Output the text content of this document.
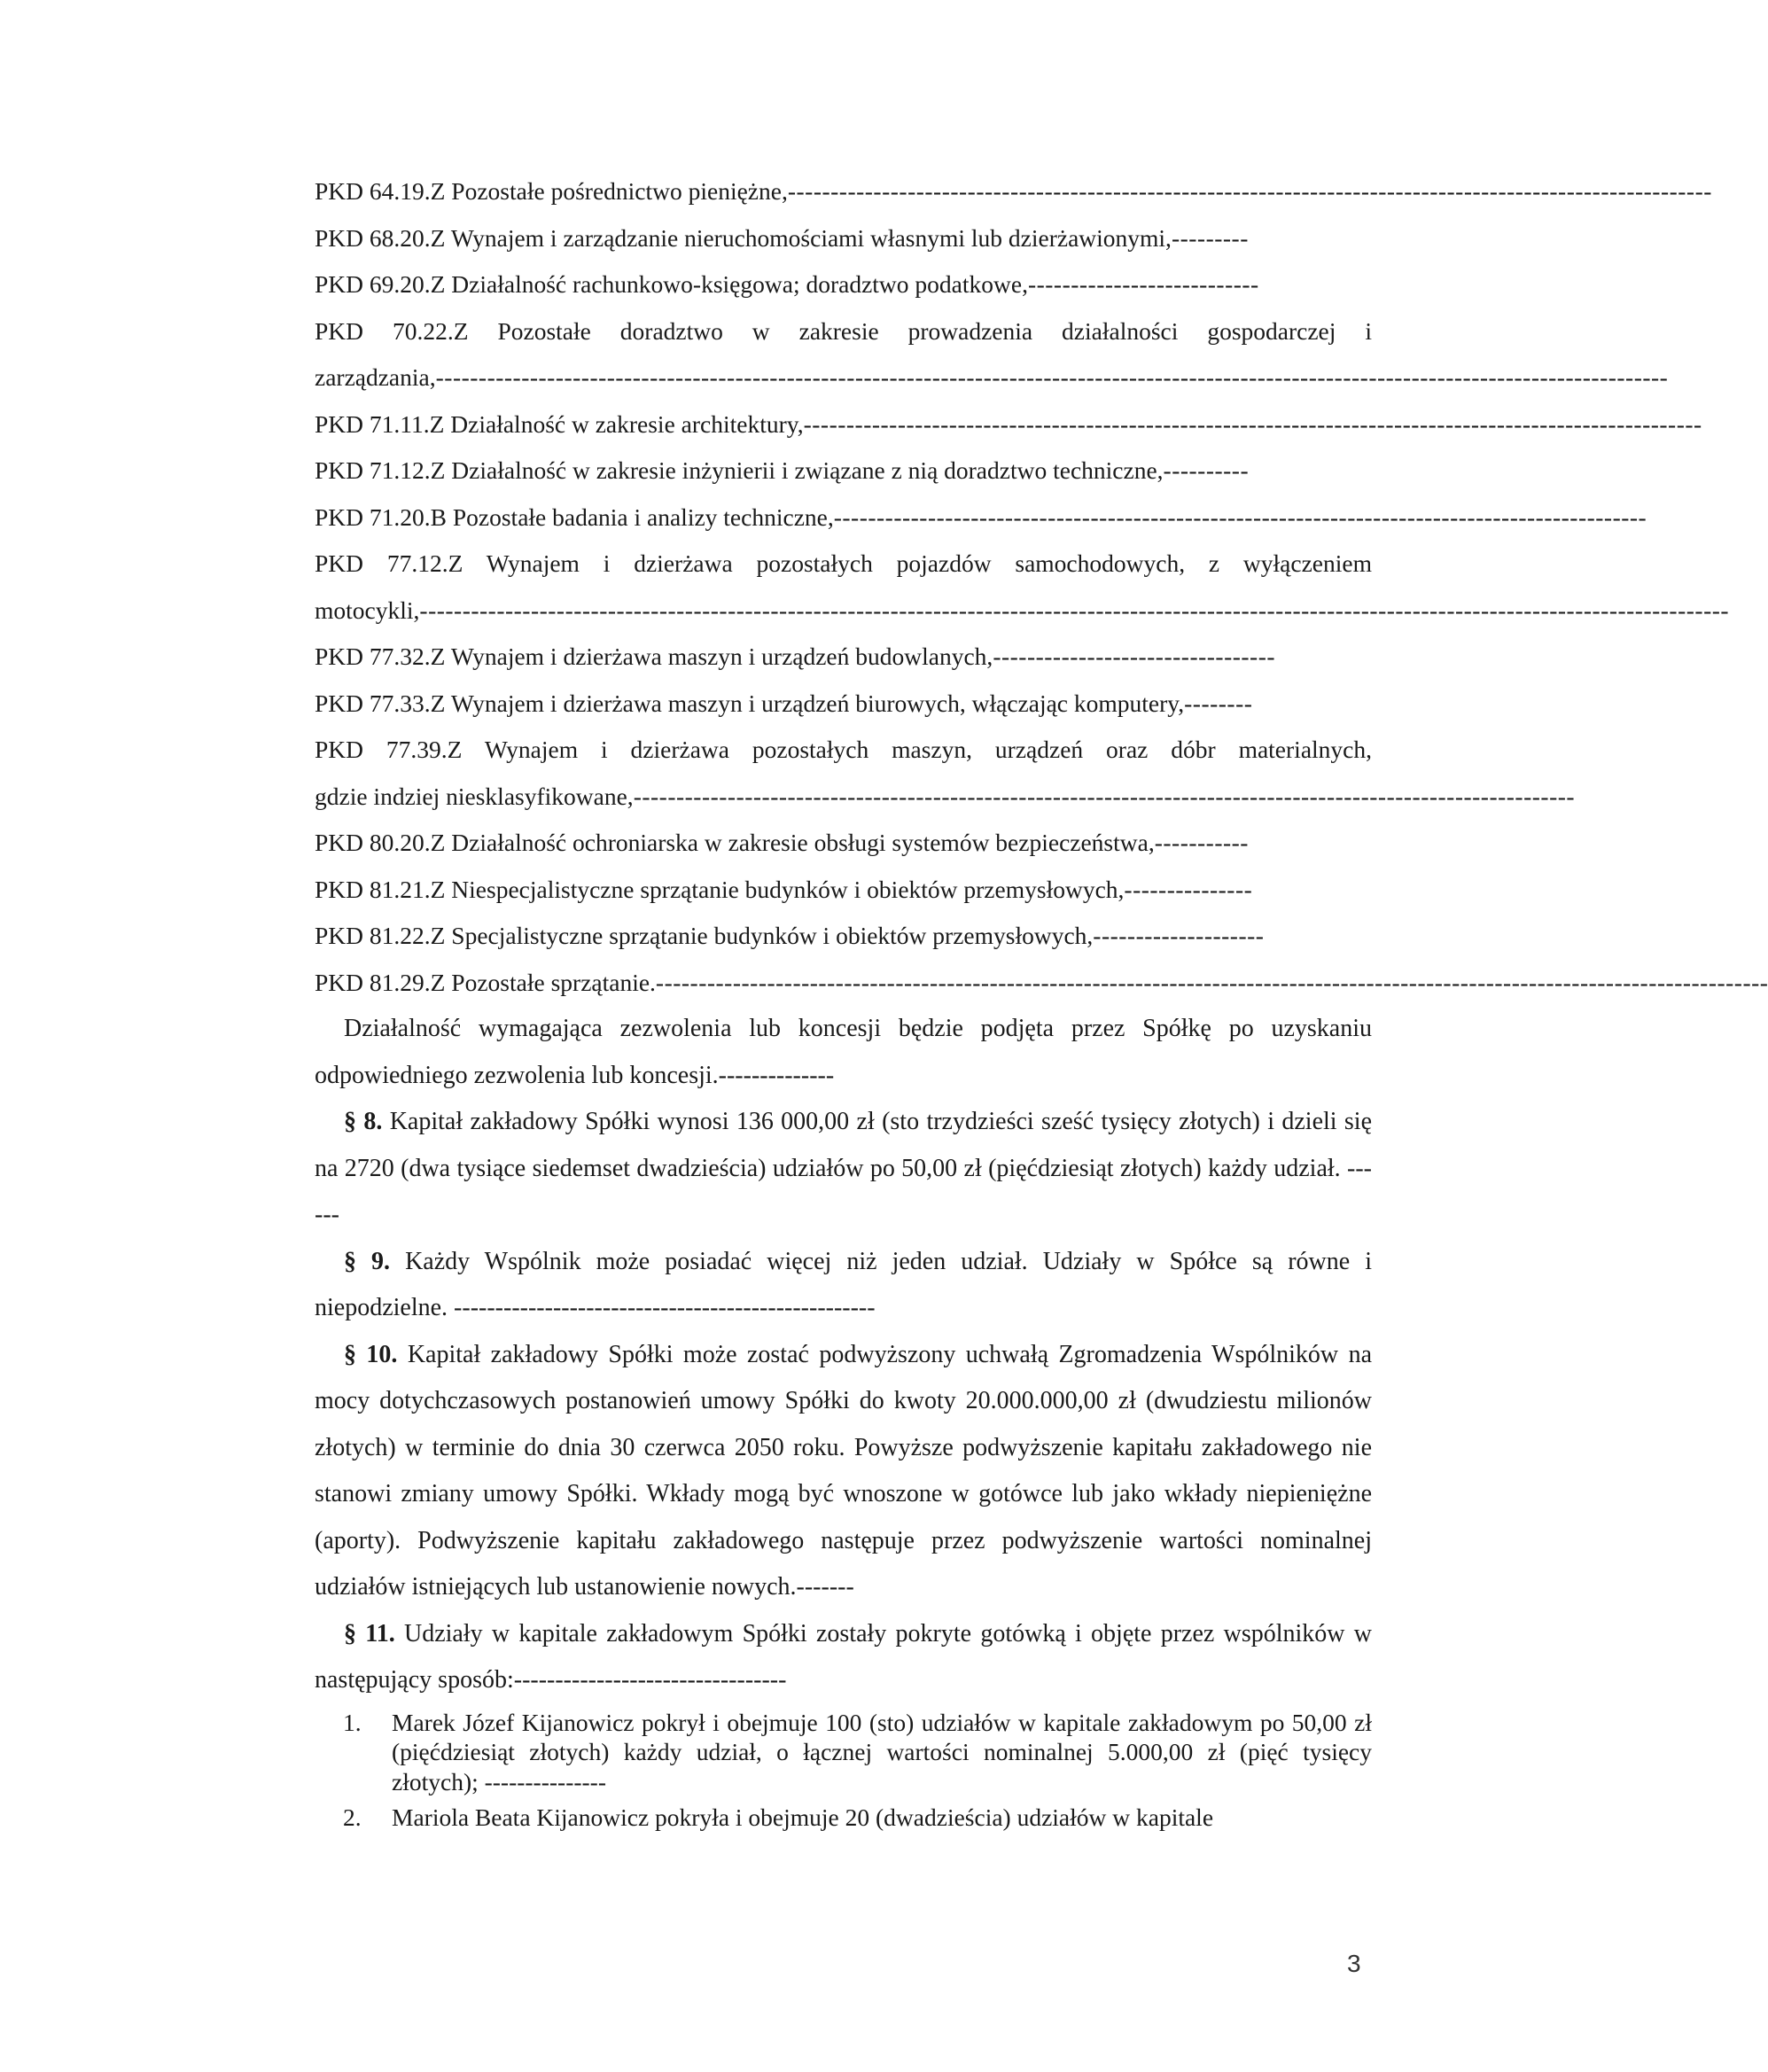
PKD 64.19.Z Pozostałe pośrednictwo pieniężne, ------------------------------------------------------------------------------------------------------------
PKD 68.20.Z Wynajem i zarządzanie nieruchomościami własnymi lub dzierżawionymi, ---------
PKD 69.20.Z Działalność rachunkowo-księgowa; doradztwo podatkowe, ---------------------------
PKD 70.22.Z Pozostałe doradztwo w zakresie prowadzenia działalności gospodarczej i
zarządzania, ------------------------------------------------------------------------------------------------------------------------------------------------
PKD 71.11.Z Działalność w zakresie architektury, ---------------------------------------------------------------------------------------------------------
PKD 71.12.Z Działalność w zakresie inżynierii i związane z nią doradztwo techniczne, ----------
PKD 71.20.B Pozostałe badania i analizy techniczne, -----------------------------------------------------------------------------------------------
PKD 77.12.Z Wynajem i dzierżawa pozostałych pojazdów samochodowych, z wyłączeniem
motocykli, ---------------------------------------------------------------------------------------------------------------------------------------------------------
PKD 77.32.Z Wynajem i dzierżawa maszyn i urządzeń budowlanych, ---------------------------------
PKD 77.33.Z Wynajem i dzierżawa maszyn i urządzeń biurowych, włączając komputery, --------
PKD 77.39.Z Wynajem i dzierżawa pozostałych maszyn, urządzeń oraz dóbr materialnych,
gdzie indziej niesklasyfikowane, --------------------------------------------------------------------------------------------------------------
PKD 80.20.Z Działalność ochroniarska w zakresie obsługi systemów bezpieczeństwa, -----------
PKD 81.21.Z Niespecjalistyczne sprzątanie budynków i obiektów przemysłowych, ---------------
PKD 81.22.Z Specjalistyczne sprzątanie budynków i obiektów przemysłowych, --------------------
PKD 81.29.Z Pozostałe sprzątanie. ----------------------------------------------------------------------------------------------------------------------------------

Działalność wymagająca zezwolenia lub koncesji będzie podjęta przez Spółkę po uzyskaniu odpowiedniego zezwolenia lub koncesji.--------------

§ 8. Kapitał zakładowy Spółki wynosi 136 000,00 zł (sto trzydzieści sześć tysięcy złotych) i dzieli się na 2720 (dwa tysiące siedemset dwadzieścia) udziałów po 50,00 zł (pięćdziesiąt złotych) każdy udział. ------

§ 9. Każdy Wspólnik może posiadać więcej niż jeden udział. Udziały w Spółce są równe i niepodzielne. ---------------------------------------------------

§ 10. Kapitał zakładowy Spółki może zostać podwyższony uchwałą Zgromadzenia Wspólników na mocy dotychczasowych postanowień umowy Spółki do kwoty 20.000.000,00 zł (dwudziestu milionów złotych) w terminie do dnia 30 czerwca 2050 roku. Powyższe podwyższenie kapitału zakładowego nie stanowi zmiany umowy Spółki. Wkłady mogą być wnoszone w gotówce lub jako wkłady niepieniężne (aporty). Podwyższenie kapitału zakładowego następuje przez podwyższenie wartości nominalnej udziałów istniejących lub ustanowienie nowych.-------

§ 11. Udziały w kapitale zakładowym Spółki zostały pokryte gotówką i objęte przez wspólników w następujący sposób:---------------------------------

1.	Marek Józef Kijanowicz pokrył i obejmuje 100 (sto) udziałów w kapitale zakładowym po 50,00 zł (pięćdziesiąt złotych) każdy udział, o łącznej wartości nominalnej 5.000,00 zł (pięć tysięcy złotych); ---------------
2.	Mariola Beata Kijanowicz pokryła i obejmuje 20 (dwadzieścia) udziałów w kapitale
3
